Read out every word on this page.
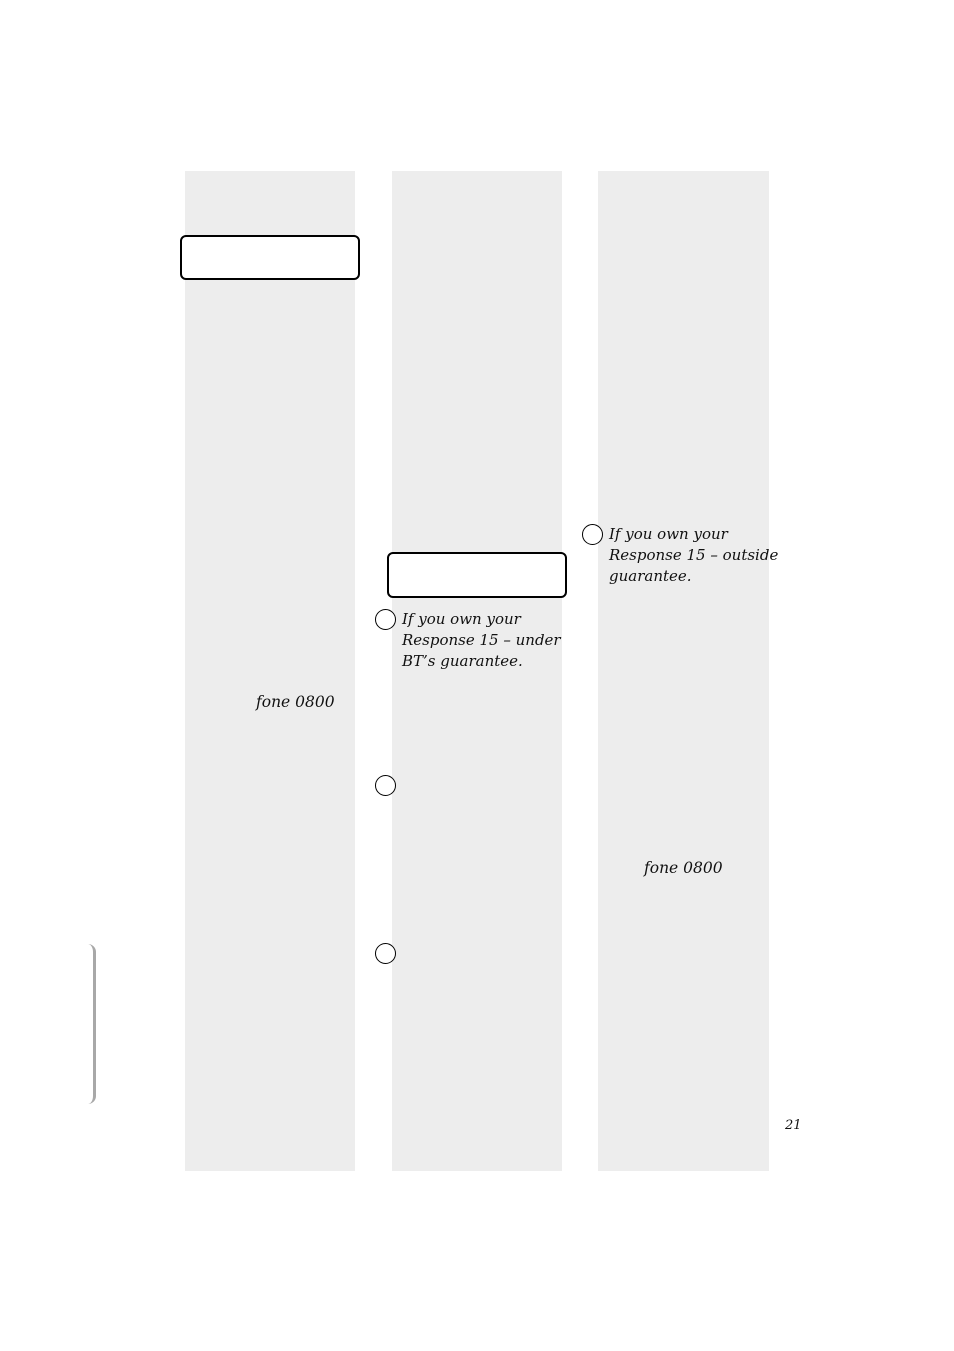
If you own your
Response 15 – outside
guarantee.

If you own your
Response 15 – under
BT’s guarantee.

fone 0800
fone 0800
21
